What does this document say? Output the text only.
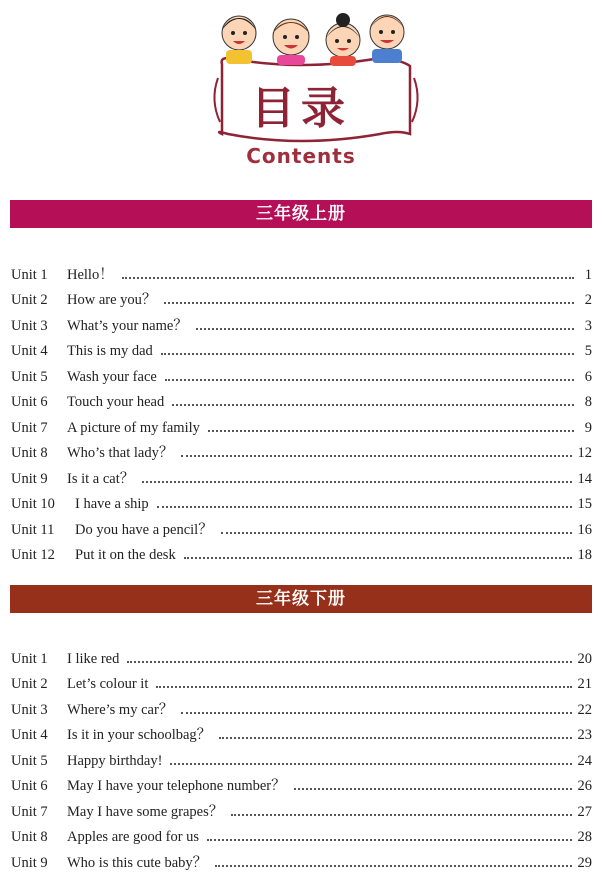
目录
Contents
三年级上册
Unit 1	Hello！	1
Unit 2	How are you？	2
Unit 3	What’s your name？	3
Unit 4	This is my dad	5
Unit 5	Wash your face	6
Unit 6	Touch your head	8
Unit 7	A picture of my family	9
Unit 8	Who’s that lady？	12
Unit 9	Is it a cat？	14
Unit 10	I have a ship	15
Unit 11	Do you have a pencil？	16
Unit 12	Put it on the desk	18
三年级下册
Unit 1	I like red	20
Unit 2	Let’s colour it	21
Unit 3	Where’s my car？	22
Unit 4	Is it in your schoolbag？	23
Unit 5	Happy birthday!	24
Unit 6	May I have your telephone number？	26
Unit 7	May I have some grapes？	27
Unit 8	Apples are good for us	28
Unit 9	Who is this cute baby？	29
